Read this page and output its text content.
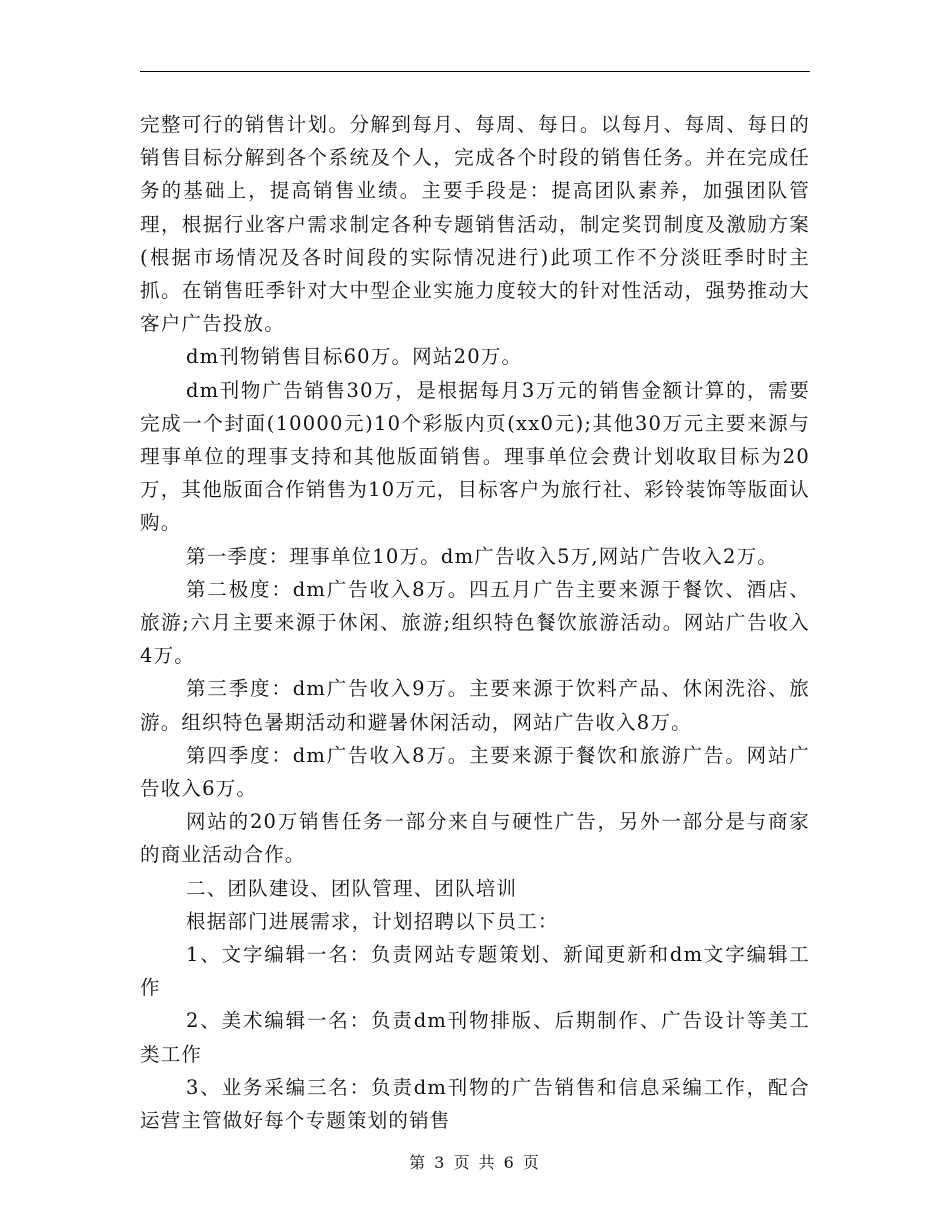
完整可行的销售计划。分解到每月、每周、每日。以每月、每周、每日的销售目标分解到各个系统及个人，完成各个时段的销售任务。并在完成任务的基础上，提高销售业绩。主要手段是：提高团队素养，加强团队管理，根据行业客户需求制定各种专题销售活动，制定奖罚制度及激励方案(根据市场情况及各时间段的实际情况进行)此项工作不分淡旺季时时主抓。在销售旺季针对大中型企业实施力度较大的针对性活动，强势推动大客户广告投放。

dm刊物销售目标60万。网站20万。

dm刊物广告销售30万，是根据每月3万元的销售金额计算的，需要完成一个封面(10000元)10个彩版内页(xx0元);其他30万元主要来源与理事单位的理事支持和其他版面销售。理事单位会费计划收取目标为20万，其他版面合作销售为10万元，目标客户为旅行社、彩铃装饰等版面认购。

第一季度：理事单位10万。dm广告收入5万,网站广告收入2万。

第二极度：dm广告收入8万。四五月广告主要来源于餐饮、酒店、旅游;六月主要来源于休闲、旅游;组织特色餐饮旅游活动。网站广告收入4万。

第三季度：dm广告收入9万。主要来源于饮料产品、休闲洗浴、旅游。组织特色暑期活动和避暑休闲活动，网站广告收入8万。

第四季度：dm广告收入8万。主要来源于餐饮和旅游广告。网站广告收入6万。

网站的20万销售任务一部分来自与硬性广告，另外一部分是与商家的商业活动合作。

二、团队建设、团队管理、团队培训

根据部门进展需求，计划招聘以下员工：

1、文字编辑一名：负责网站专题策划、新闻更新和dm文字编辑工作

2、美术编辑一名：负责dm刊物排版、后期制作、广告设计等美工类工作

3、业务采编三名：负责dm刊物的广告销售和信息采编工作，配合运营主管做好每个专题策划的销售

第 3 页 共 6 页
